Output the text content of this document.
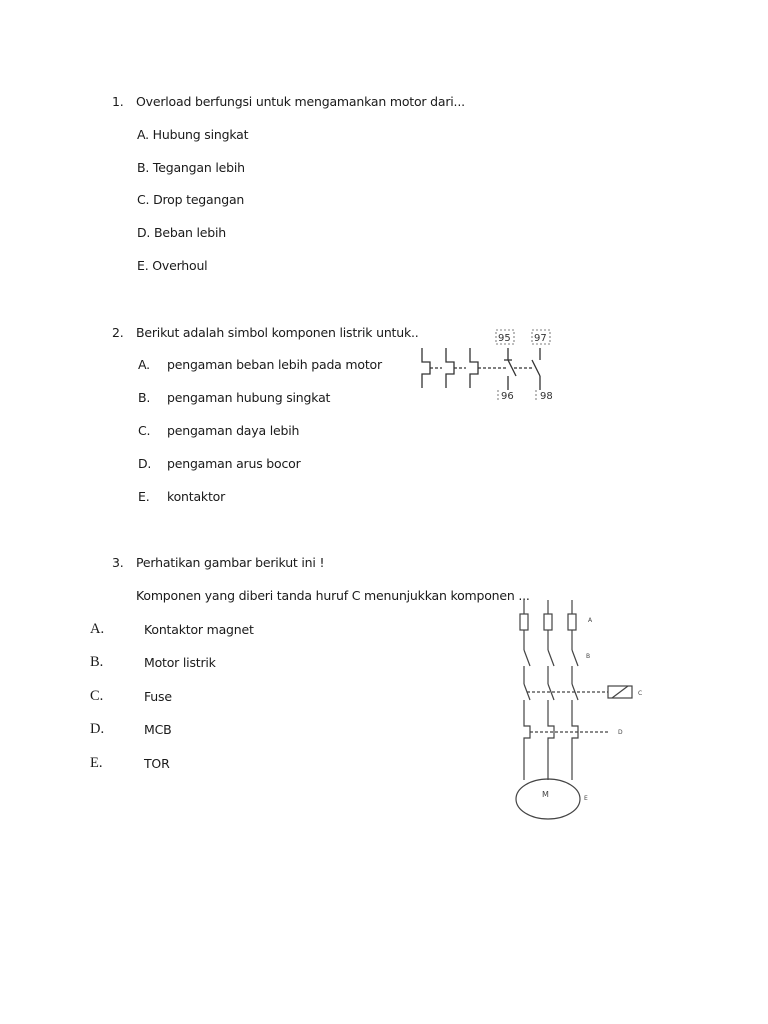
1. Overload berfungsi untuk mengamankan motor dari...
A. Hubung singkat
B. Tegangan lebih
C. Drop tegangan
D. Beban lebih
E. Overhoul
2. Berikut adalah simbol komponen listrik untuk..
A. pengaman beban lebih pada motor
B. pengaman hubung singkat
C. pengaman daya lebih
D. pengaman arus bocor
E. kontaktor
95 97
96	98
3. Perhatikan gambar berikut ini !
Komponen yang diberi tanda huruf C menunjukkan komponen ...
A.	Kontaktor magnet
B.	Motor listrik
C.	Fuse
D.	MCB
E.	TOR
A
B
C
D
E
M
